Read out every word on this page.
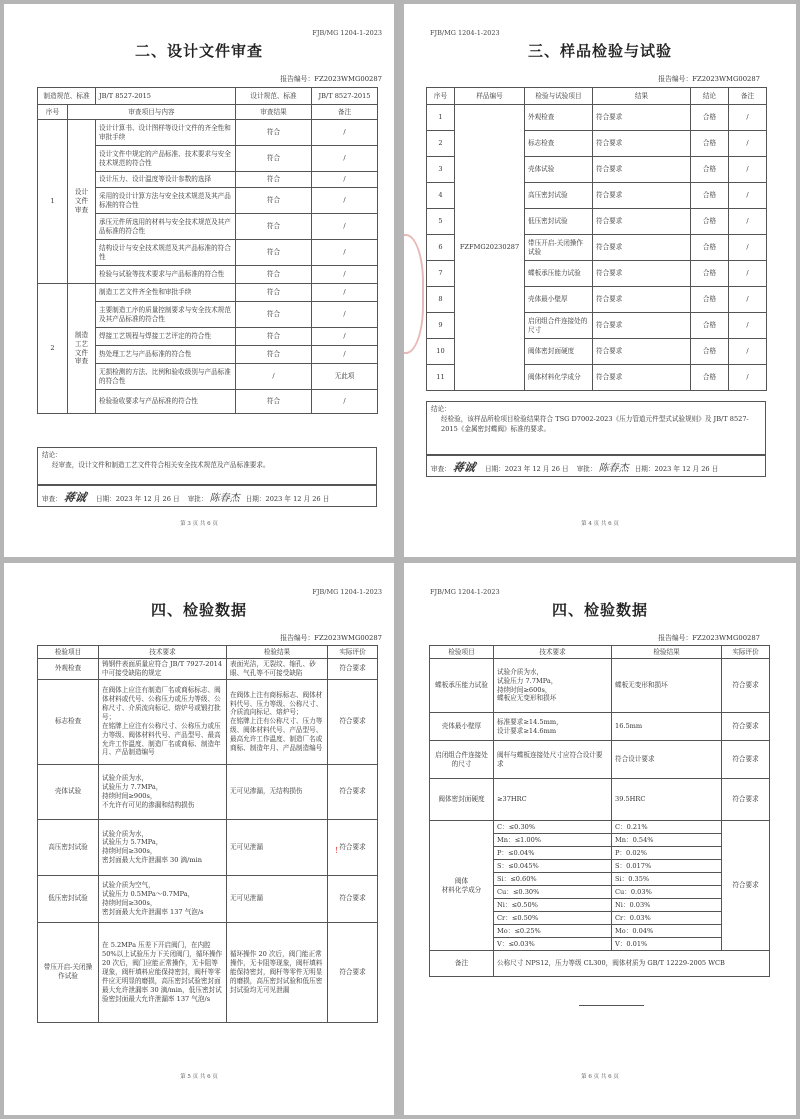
FJB/MG 1204-1-2023
二、设计文件审查
报告编号：FZ2023WMG00287
制造规范、标准		JB/T 8527-2015	设计规范、标准	JB/T 8527-2015
序号	审查项目与内容		审查结果	备注
1	设计
文件
审查	设计计算书、设计图样等设计文件的齐全性和审批手续	符合	/
		设计文件中规定的产品标准、技术要求与安全技术规范的符合性	符合	/
		设计压力、设计温度等设计参数的选择	符合	/
		采用的设计计算方法与安全技术规范及其产品标准的符合性	符合	/
		承压元件所选用的材料与安全技术规范及其产品标准的符合性	符合	/
		结构设计与安全技术规范及其产品标准的符合性	符合	/
		检验与试验等技术要求与产品标准的符合性	符合	/
2	制造
工艺
文件
审查	制造工艺文件齐全性和审批手续	符合	/
		主要制造工序的质量控制要求与安全技术规范及其产品标准的符合性	符合	/
		焊接工艺规程与焊接工艺评定的符合性	符合	/
		热处理工艺与产品标准的符合性	符合	/
		无损检测的方法、比例和验收级别与产品标准的符合性	/	无此项
		检验验收要求与产品标准的符合性	符合	/
结论：
经审查，设计文件和制造工艺文件符合相关安全技术规范及产品标准要求。
审查： 蒋诚 日期：2023 年 12 月 26 日 审批： 陈春杰 日期：2023 年 12 月 26 日
第 3 页 共 6 页
FJB/MG 1204-1-2023
三、样品检验与试验
报告编号：FZ2023WMG00287
序号	样品编号	检验与试验项目	结果	结论	备注
1	FZFMG20230287	外观检查	符合要求	合格	/
2		标志检查	符合要求	合格	/
3		壳体试验	符合要求	合格	/
4		高压密封试验	符合要求	合格	/
5		低压密封试验	符合要求	合格	/
6		带压开启-关闭操作试验	符合要求	合格	/
7		蝶板承压能力试验	符合要求	合格	/
8		壳体最小壁厚	符合要求	合格	/
9		启闭组合件连接处的尺寸	符合要求	合格	/
10		阀体密封面硬度	符合要求	合格	/
11		阀体材料化学成分	符合要求	合格	/
结论：
经检验，该样品所检项目检验结果符合 TSG D7002-2023《压力管道元件型式试验规则》及 JB/T 8527-2015《金属密封蝶阀》标准的要求。
审查： 蒋诚 日期：2023 年 12 月 26 日 审批： 陈春杰 日期：2023 年 12 月 26 日
第 4 页 共 6 页
FJB/MG 1204-1-2023
四、检验数据
报告编号：FZ2023WMG00287
检验项目	技术要求	检验结果	实际评价
外观检查	铸钢件表面质量应符合 JB/T 7927-2014 中可接受缺陷的规定	表面光洁，无裂纹、缩孔、砂眼、气孔等不可接受缺陷	符合要求
标志检查	在阀体上应注有制造厂名或商标标志、阀体材料或代号、公称压力或压力等级、公称尺寸、介质流向标记、熔炉号或锻打批号；
在铭牌上应注有公称尺寸、公称压力或压力等级、阀体材料代号、产品型号、最高允许工作温度、制造厂名或商标、制造年月、产品制造编号	在阀体上注有商标标志、阀体材料代号、压力等级、公称尺寸、介质流向标记、熔炉号；
在铭牌上注有公称尺寸、压力等级、阀体材料代号、产品型号、最高允许工作温度、制造厂名或商标、制造年月、产品制造编号	符合要求
壳体试验	试验介质为水，
试验压力 7.7MPa，
持续时间≥900s，
不允许有可见的渗漏和结构损伤	无可见渗漏，无结构损伤	符合要求
高压密封试验	试验介质为水，
试验压力 5.7MPa，
持续时间≥300s，
密封面最大允许泄漏率 30 滴/min	无可见泄漏	符合要求
低压密封试验	试验介质为空气，
试验压力 0.5MPa～0.7MPa，
持续时间≥300s，
密封面最大允许泄漏率 137 气泡/s	无可见泄漏	符合要求
带压开启-关闭操作试验	在 5.2MPa 压差下开启阀门，在内腔 50%以上试验压力下关闭阀门，循环操作 20 次后，阀门应能正常操作，无卡阻等现象，阀杆填料应能保持密封，阀杆等零件应无明显的磨损，高压密封试验密封面最大允许泄漏率 30 滴/min，低压密封试验密封面最大允许泄漏率 137 气泡/s	循环操作 20 次后，阀门能正常操作，无卡阻等现象，阀杆填料能保持密封，阀杆等零件无明显的磨损，高压密封试验和低压密封试验均无可见泄漏	符合要求
!
第 5 页 共 6 页
FJB/MG 1204-1-2023
四、检验数据
报告编号：FZ2023WMG00287
检验项目	技术要求	检验结果	实际评价
蝶板承压能力试验	试验介质为水，
试验压力 7.7MPa，
持续时间≥600s，
蝶板应无变形和损坏	蝶板无变形和损坏	符合要求
壳体最小壁厚	标准要求≥14.5mm，
设计要求≥14.6mm	16.5mm	符合要求
启闭组合件连接处的尺寸	阀杆与蝶板连接处尺寸应符合设计要求	符合设计要求	符合要求
阀体密封面硬度	≥37HRC	39.5HRC	符合要求
阀体
材料化学成分	C：≤0.30%	C：0.21%	符合要求
	Mn：≤1.00%	Mn：0.54%	
	P：≤0.04%	P：0.02%	
	S：≤0.045%	S：0.017%	
	Si：≤0.60%	Si：0.35%	
	Cu：≤0.30%	Cu：0.03%	
	Ni：≤0.50%	Ni：0.03%	
	Cr：≤0.50%	Cr：0.03%	
	Mo：≤0.25%	Mo：0.04%	
	V：≤0.03%	V：0.01%	
备注	公称尺寸 NPS12，压力等级 CL300，阀体材质为 GB/T 12229-2005 WCB		
第 6 页 共 6 页
